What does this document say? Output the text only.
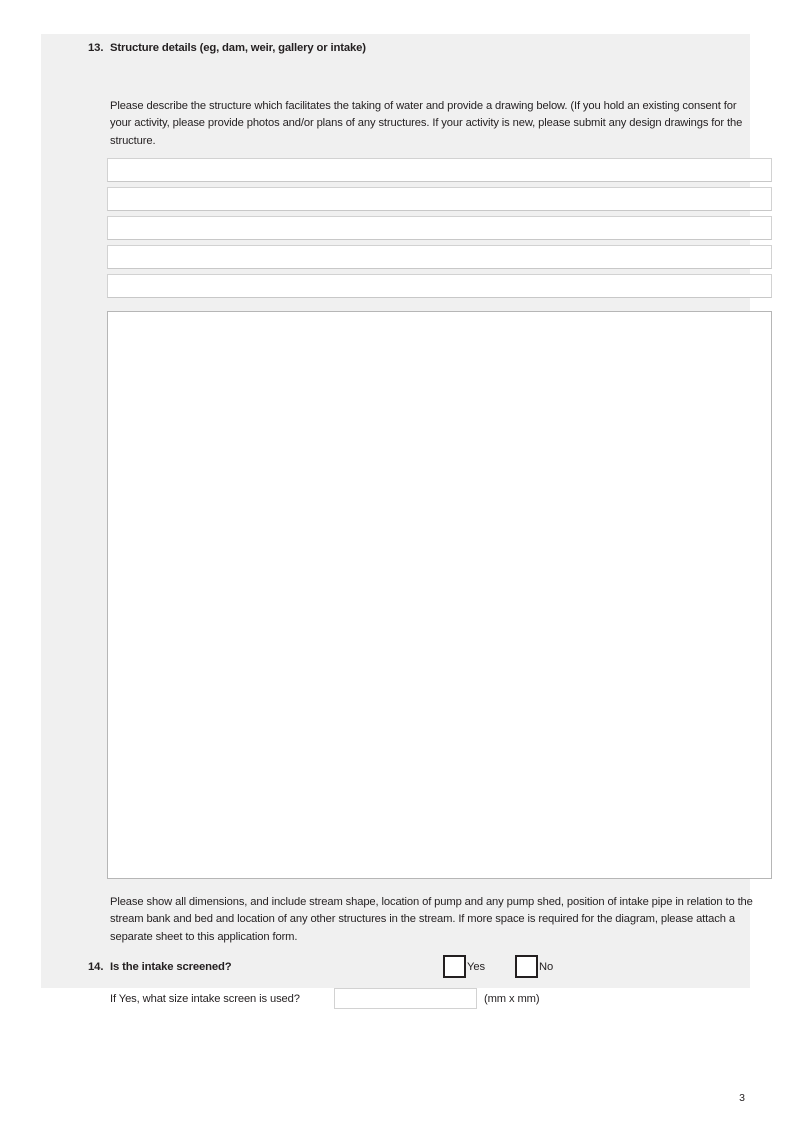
13. Structure details (eg, dam, weir, gallery or intake)
Please describe the structure which facilitates the taking of water and provide a drawing below. (If you hold an existing consent for your activity, please provide photos and/or plans of any structures. If your activity is new, please submit any design drawings for the structure.
Please show all dimensions, and include stream shape, location of pump and any pump shed, position of intake pipe in relation to the stream bank and bed and location of any other structures in the stream. If more space is required for the diagram, please attach a separate sheet to this application form.
14. Is the intake screened?	Yes	No
If Yes, what size intake screen is used?	(mm x mm)
3
